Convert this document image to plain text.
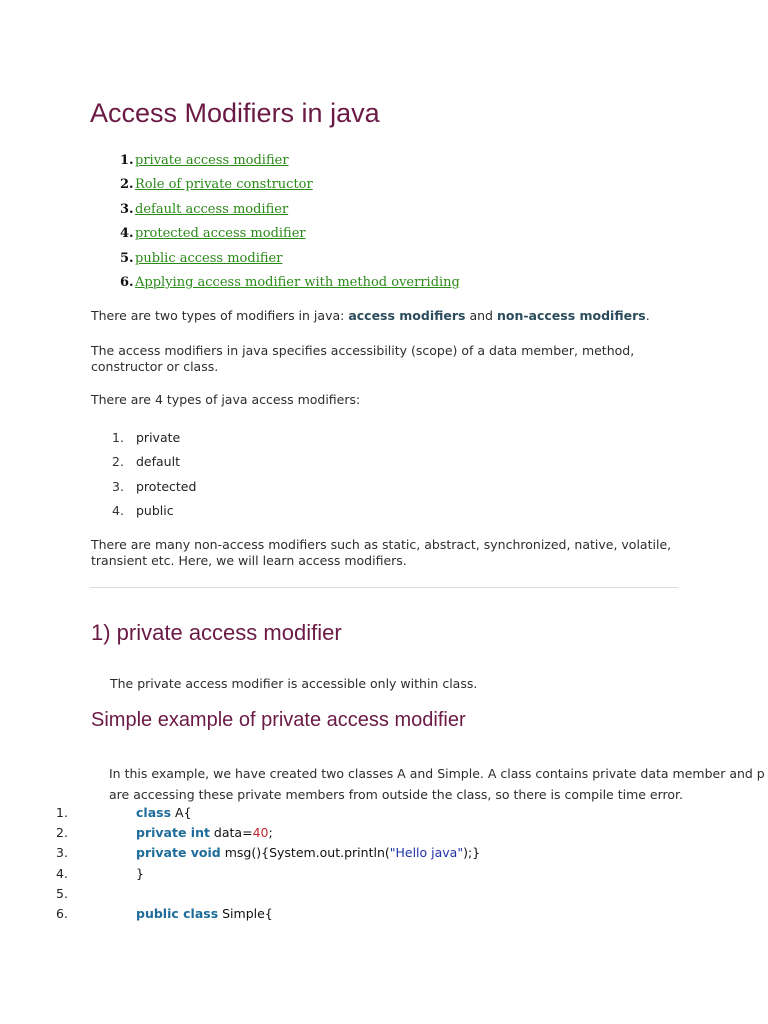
Access Modifiers in java
1.private access modifier
2.Role of private constructor
3.default access modifier
4.protected access modifier
5.public access modifier
6.Applying access modifier with method overriding
There are two types of modifiers in java: access modifiers and non-access modifiers.
The access modifiers in java specifies accessibility (scope) of a data member, method,
constructor or class.
There are 4 types of java access modifiers:
1. private
2. default
3. protected
4. public
There are many non-access modifiers such as static, abstract, synchronized, native, volatile,
transient etc. Here, we will learn access modifiers.
1) private access modifier
The private access modifier is accessible only within class.
Simple example of private access modifier
In this example, we have created two classes A and Simple. A class contains private data member and p
are accessing these private members from outside the class, so there is compile time error.
1.	class A{
2.	private int data=40;
3.	private void msg(){System.out.println("Hello java");}
4.	}
5.
6.	public class Simple{
